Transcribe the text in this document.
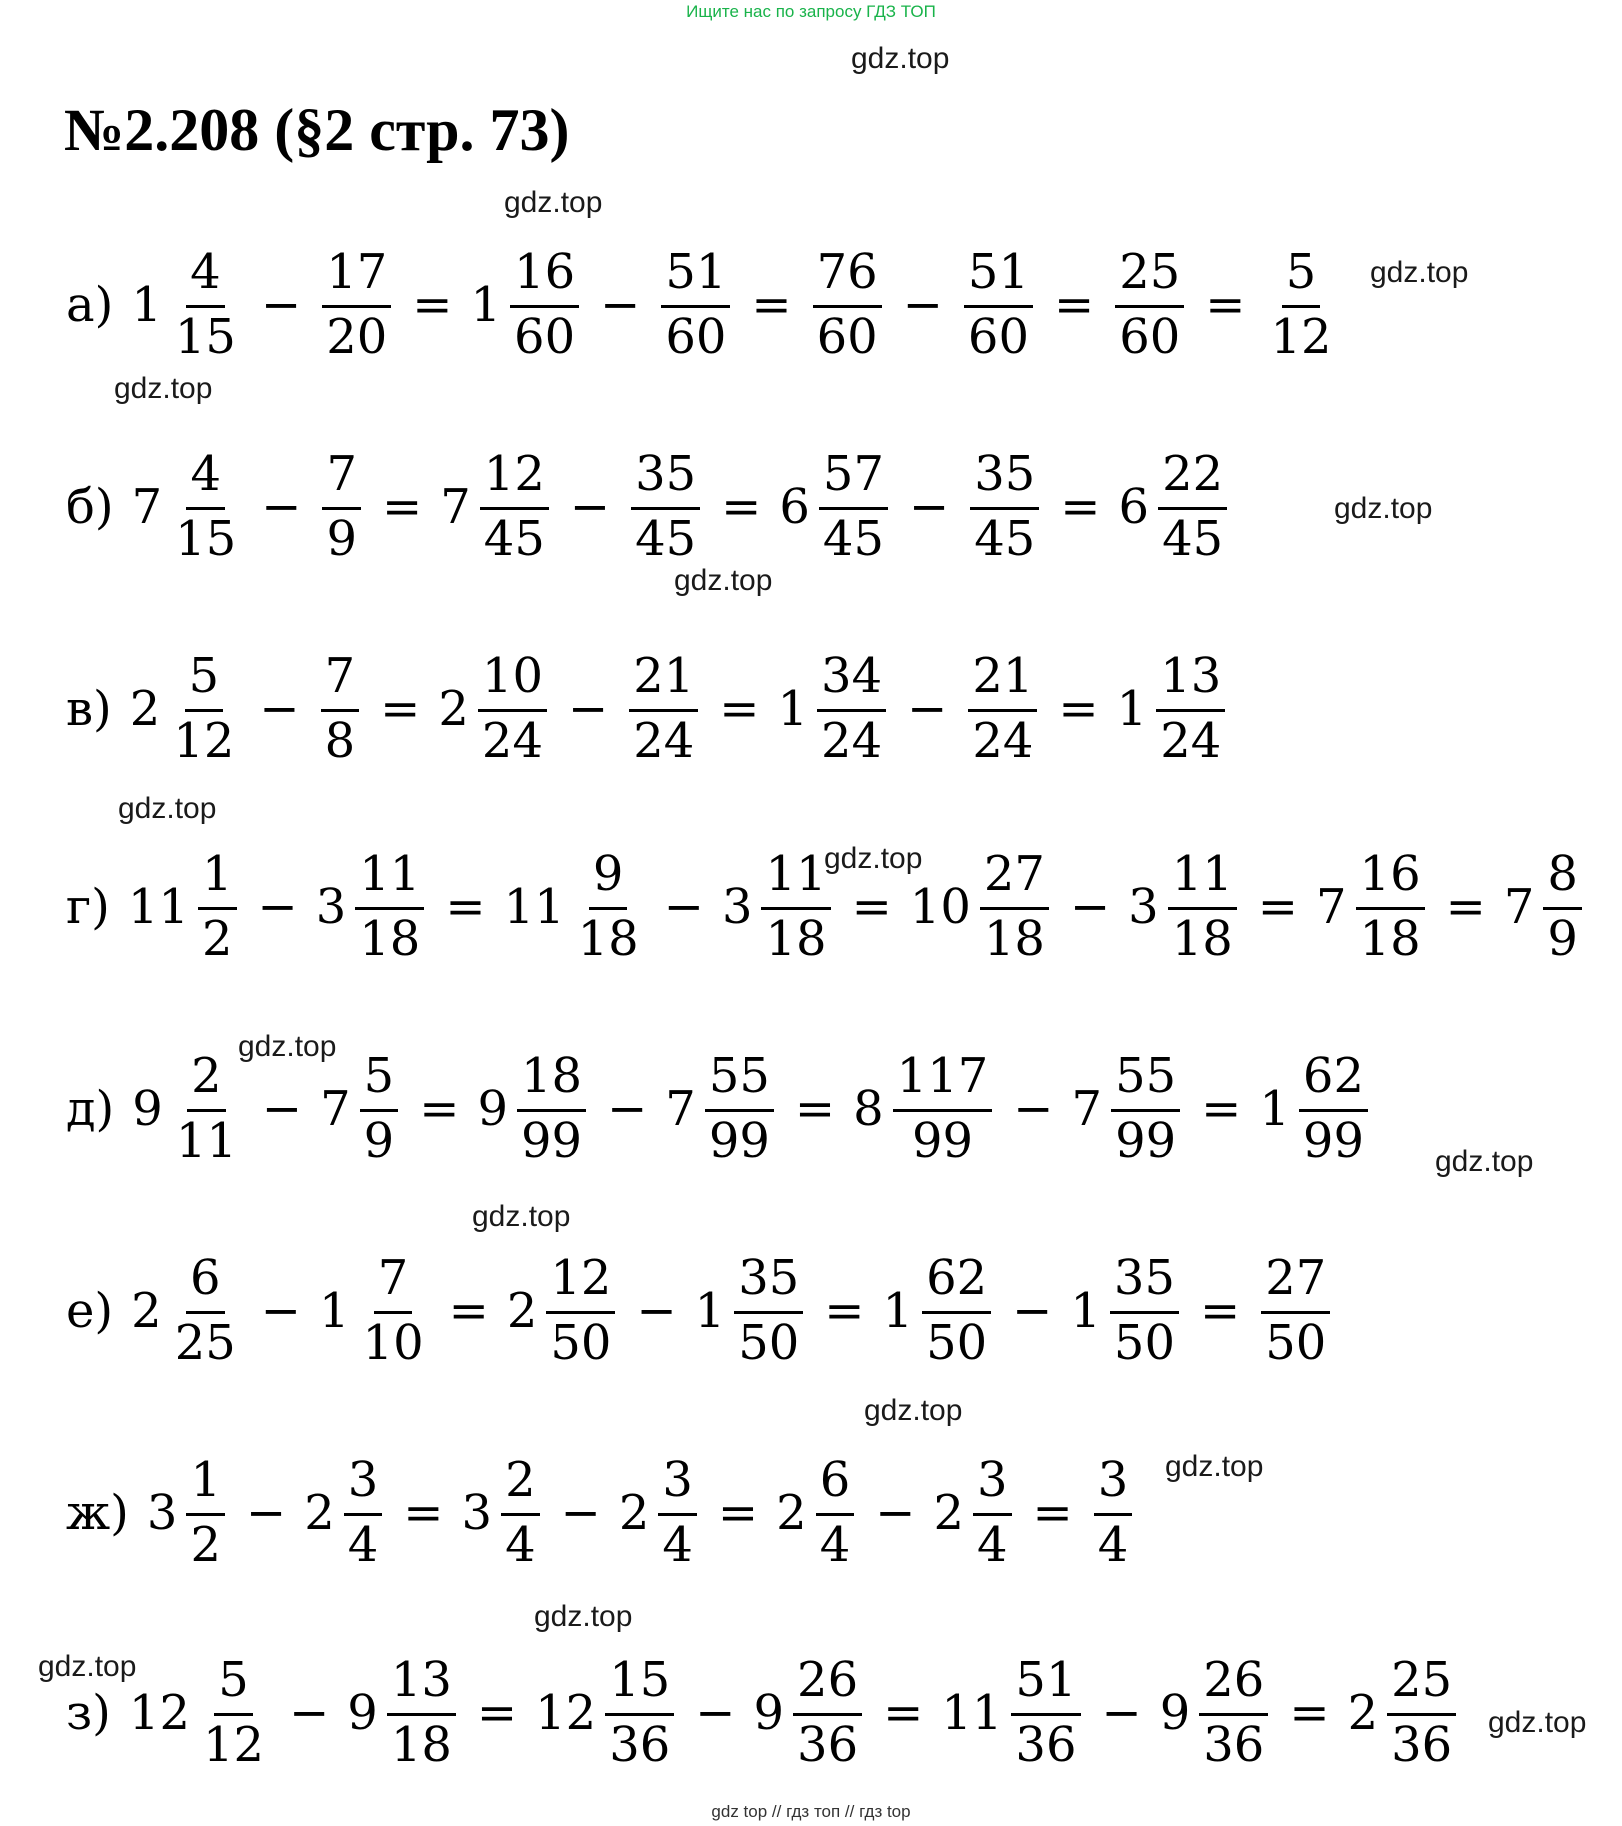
Ищите нас по запросу ГДЗ ТОП
gdz.top
gdz.top
gdz.top
gdz.top
gdz.top
gdz.top
gdz.top
gdz.top
gdz.top
gdz.top
gdz.top
gdz.top
gdz.top
gdz.top
gdz.top
gdz.top
№2.208 (§2 стр. 73)
а) $1 \frac{4}{15} - \frac{17}{20} = 1 \frac{16}{60} - \frac{51}{60} = \frac{76}{60} - \frac{51}{60} = \frac{25}{60} = \frac{5}{12}$
б) $7 \frac{4}{15} - \frac{7}{9} = 7 \frac{12}{45} - \frac{35}{45} = 6 \frac{57}{45} - \frac{35}{45} = 6 \frac{22}{45}$
в) $2 \frac{5}{12} - \frac{7}{8} = 2 \frac{10}{24} - \frac{21}{24} = 1 \frac{34}{24} - \frac{21}{24} = 1 \frac{13}{24}$
г) $11 \frac{1}{2} - 3 \frac{11}{18} = 11 \frac{9}{18} - 3 \frac{11}{18} = 10 \frac{27}{18} - 3 \frac{11}{18} = 7 \frac{16}{18} = 7 \frac{8}{9}$
д) $9 \frac{2}{11} - 7 \frac{5}{9} = 9 \frac{18}{99} - 7 \frac{55}{99} = 8 \frac{117}{99} - 7 \frac{55}{99} = 1 \frac{62}{99}$
е) $2 \frac{6}{25} - 1 \frac{7}{10} = 2 \frac{12}{50} - 1 \frac{35}{50} = 1 \frac{62}{50} - 1 \frac{35}{50} = \frac{27}{50}$
ж) $3 \frac{1}{2} - 2 \frac{3}{4} = 3 \frac{2}{4} - 2 \frac{3}{4} = 2 \frac{6}{4} - 2 \frac{3}{4} = \frac{3}{4}$
з) $12 \frac{5}{12} - 9 \frac{13}{18} = 12 \frac{15}{36} - 9 \frac{26}{36} = 11 \frac{51}{36} - 9 \frac{26}{36} = 2 \frac{25}{36}$
gdz top // гдз топ // гдз top
